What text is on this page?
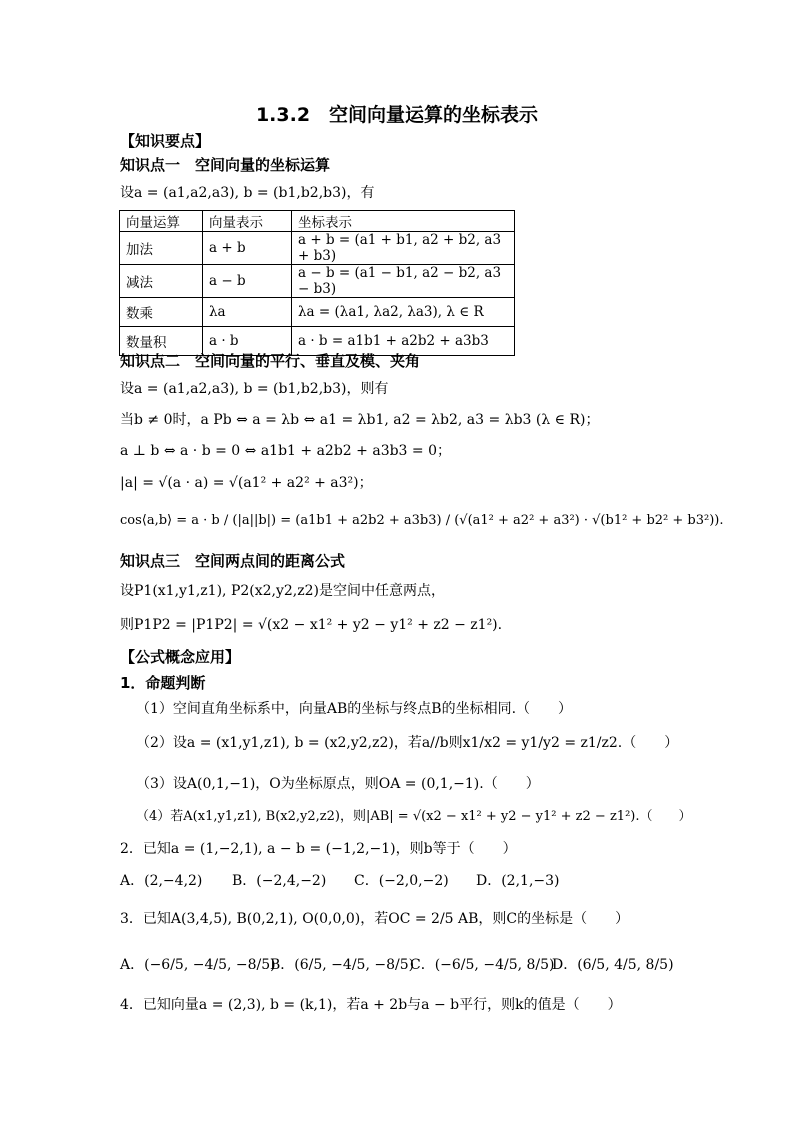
1.3.2　空间向量运算的坐标表示
【知识要点】
知识点一　空间向量的坐标运算
设a = (a1,a2,a3), b = (b1,b2,b3)，有
向量运算	向量表示	坐标表示
加法	a + b	a + b = (a1 + b1, a2 + b2, a3 + b3)
减法	a − b	a − b = (a1 − b1, a2 − b2, a3 − b3)
数乘	λa	λa = (λa1, λa2, λa3), λ ∈ R
数量积	a · b	a · b = a1b1 + a2b2 + a3b3
知识点二　空间向量的平行、垂直及模、夹角
设a = (a1,a2,a3), b = (b1,b2,b3)，则有
当b ≠ 0时，a Pb ⇔ a = λb ⇔ a1 = λb1, a2 = λb2, a3 = λb3 (λ ∈ R)；
a ⊥ b ⇔ a · b = 0 ⇔ a1b1 + a2b2 + a3b3 = 0；
|a| = √(a · a) = √(a1² + a2² + a3²)；
cos⟨a,b⟩ = a · b / (|a||b|) = (a1b1 + a2b2 + a3b3) / (√(a1² + a2² + a3²) · √(b1² + b2² + b3²)).
知识点三　空间两点间的距离公式
设P1(x1,y1,z1), P2(x2,y2,z2)是空间中任意两点，
则P1P2 = |P1P2| = √(x2 − x1² + y2 − y1² + z2 − z1²).
【公式概念应用】
1．命题判断
（1）空间直角坐标系中，向量AB的坐标与终点B的坐标相同.（　　）
（2）设a = (x1,y1,z1), b = (x2,y2,z2)，若a//b则x1/x2 = y1/y2 = z1/z2.（　　）
（3）设A(0,1,−1)，O为坐标原点，则OA = (0,1,−1).（　　）
（4）若A(x1,y1,z1), B(x2,y2,z2)，则|AB| = √(x2 − x1² + y2 − y1² + z2 − z1²).（　　）
2．已知a = (1,−2,1), a − b = (−1,2,−1)，则b等于（　　）
A．(2,−4,2) B．(−2,4,−2) C．(−2,0,−2) D．(2,1,−3)
3．已知A(3,4,5), B(0,2,1), O(0,0,0)，若OC = 2/5 AB，则C的坐标是（　　）
A．(−6/5, −4/5, −8/5)
B．(6/5, −4/5, −8/5)
C．(−6/5, −4/5, 8/5)
D．(6/5, 4/5, 8/5)
4．已知向量a = (2,3), b = (k,1)，若a + 2b与a − b平行，则k的值是（　　）
